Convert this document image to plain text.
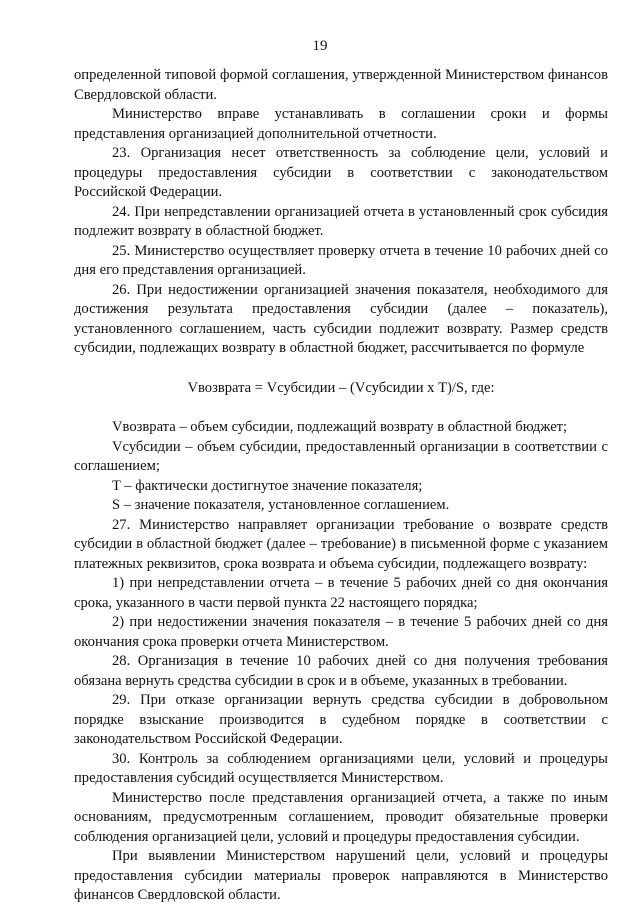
19

определенной типовой формой соглашения, утвержденной Министерством финансов Свердловской области.

Министерство вправе устанавливать в соглашении сроки и формы представления организацией дополнительной отчетности.

23. Организация несет ответственность за соблюдение цели, условий и процедуры предоставления субсидии в соответствии с законодательством Российской Федерации.

24. При непредставлении организацией отчета в установленный срок субсидия подлежит возврату в областной бюджет.

25. Министерство осуществляет проверку отчета в течение 10 рабочих дней со дня его представления организацией.

26. При недостижении организацией значения показателя, необходимого для достижения результата предоставления субсидии (далее – показатель), установленного соглашением, часть субсидии подлежит возврату. Размер средств субсидии, подлежащих возврату в областной бюджет, рассчитывается по формуле

Vвозврата = Vсубсидии – (Vсубсидии х T)/S, где:

Vвозврата – объем субсидии, подлежащий возврату в областной бюджет;

Vсубсидии – объем субсидии, предоставленный организации в соответствии с соглашением;

T – фактически достигнутое значение показателя;

S – значение показателя, установленное соглашением.

27. Министерство направляет организации требование о возврате средств субсидии в областной бюджет (далее – требование) в письменной форме с указанием платежных реквизитов, срока возврата и объема субсидии, подлежащего возврату:

1) при непредставлении отчета – в течение 5 рабочих дней со дня окончания срока, указанного в части первой пункта 22 настоящего порядка;

2) при недостижении значения показателя – в течение 5 рабочих дней со дня окончания срока проверки отчета Министерством.

28. Организация в течение 10 рабочих дней со дня получения требования обязана вернуть средства субсидии в срок и в объеме, указанных в требовании.

29. При отказе организации вернуть средства субсидии в добровольном порядке взыскание производится в судебном порядке в соответствии с законодательством Российской Федерации.

30. Контроль за соблюдением организациями цели, условий и процедуры предоставления субсидий осуществляется Министерством.

Министерство после представления организацией отчета, а также по иным основаниям, предусмотренным соглашением, проводит обязательные проверки соблюдения организацией цели, условий и процедуры предоставления субсидии.

При выявлении Министерством нарушений цели, условий и процедуры предоставления субсидии материалы проверок направляются в Министерство финансов Свердловской области.
